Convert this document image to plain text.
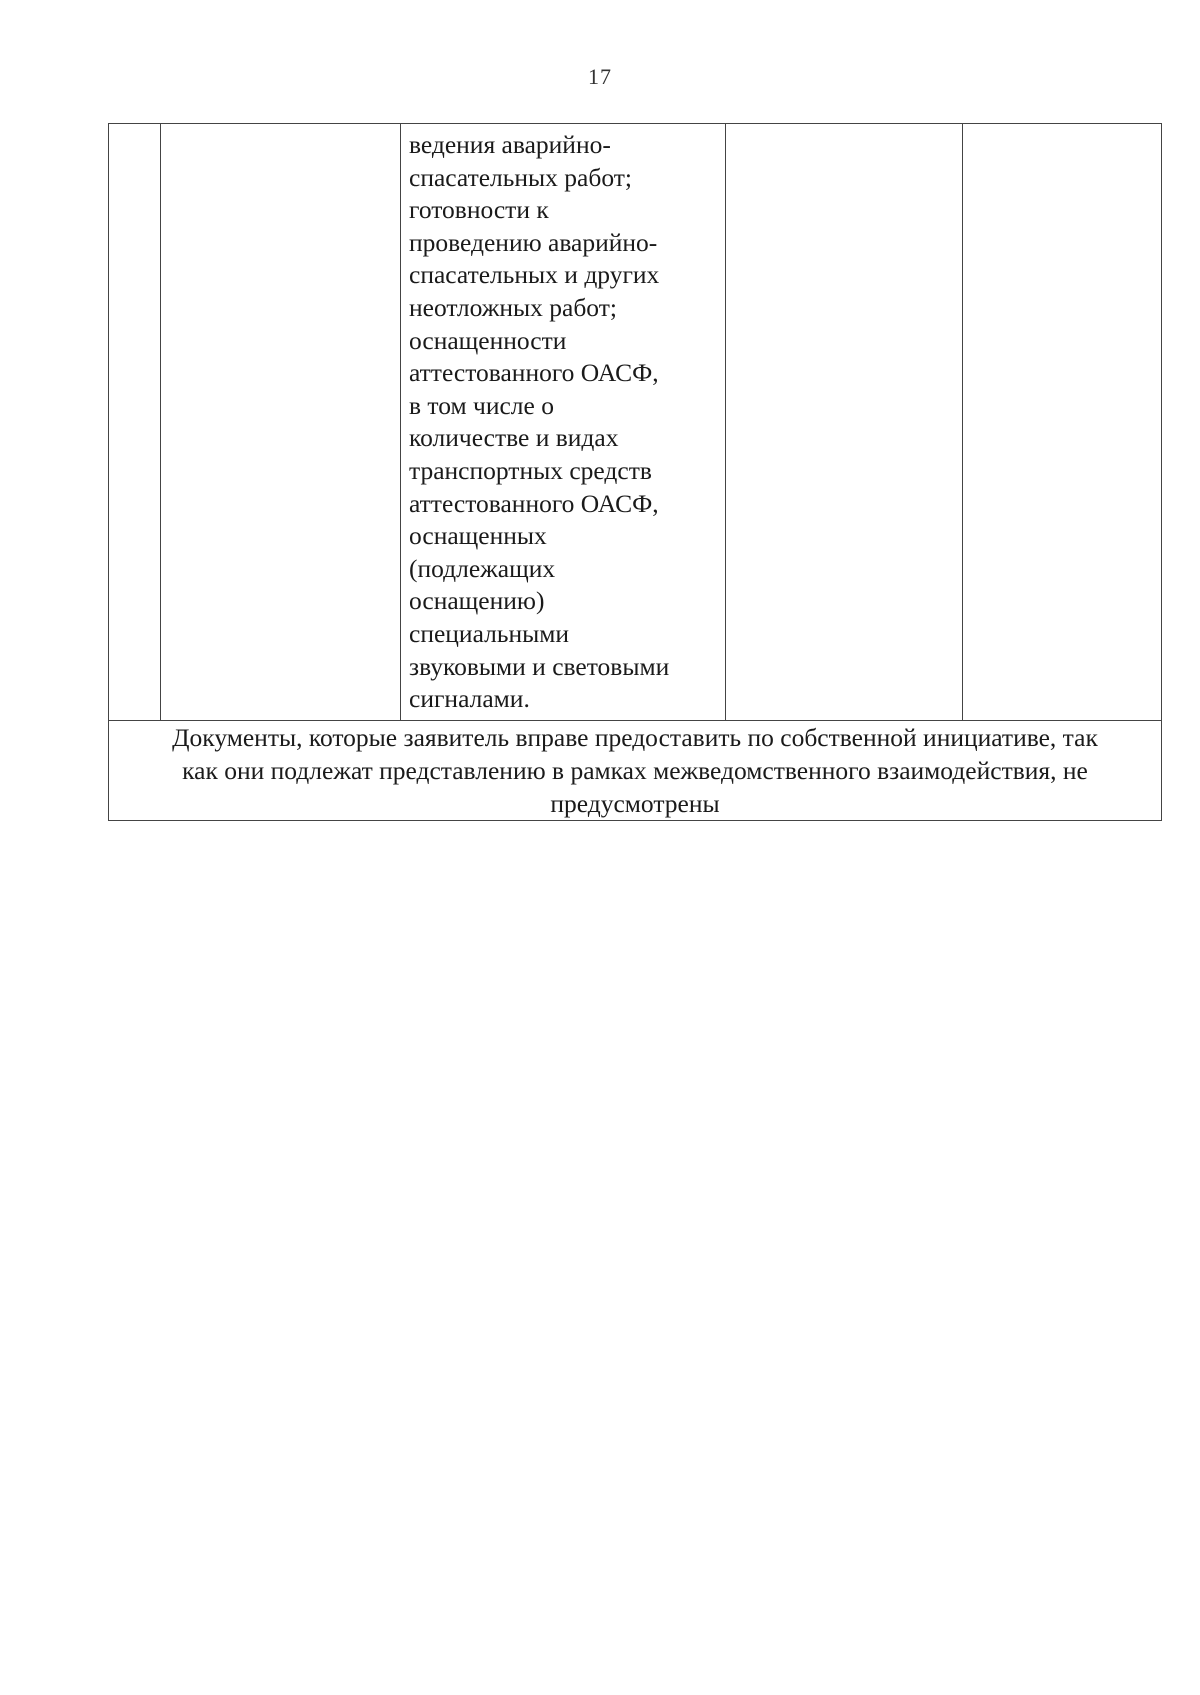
17

ведения аварийно-
спасательных работ;
готовности к
проведению аварийно-
спасательных и других
неотложных работ;
оснащенности
аттестованного ОАСФ,
в том числе о
количестве и видах
транспортных средств
аттестованного ОАСФ,
оснащенных
(подлежащих
оснащению)
специальными
звуковыми и световыми
сигналами.

Документы, которые заявитель вправе предоставить по собственной инициативе, так
как они подлежат представлению в рамках межведомственного взаимодействия, не
предусмотрены
